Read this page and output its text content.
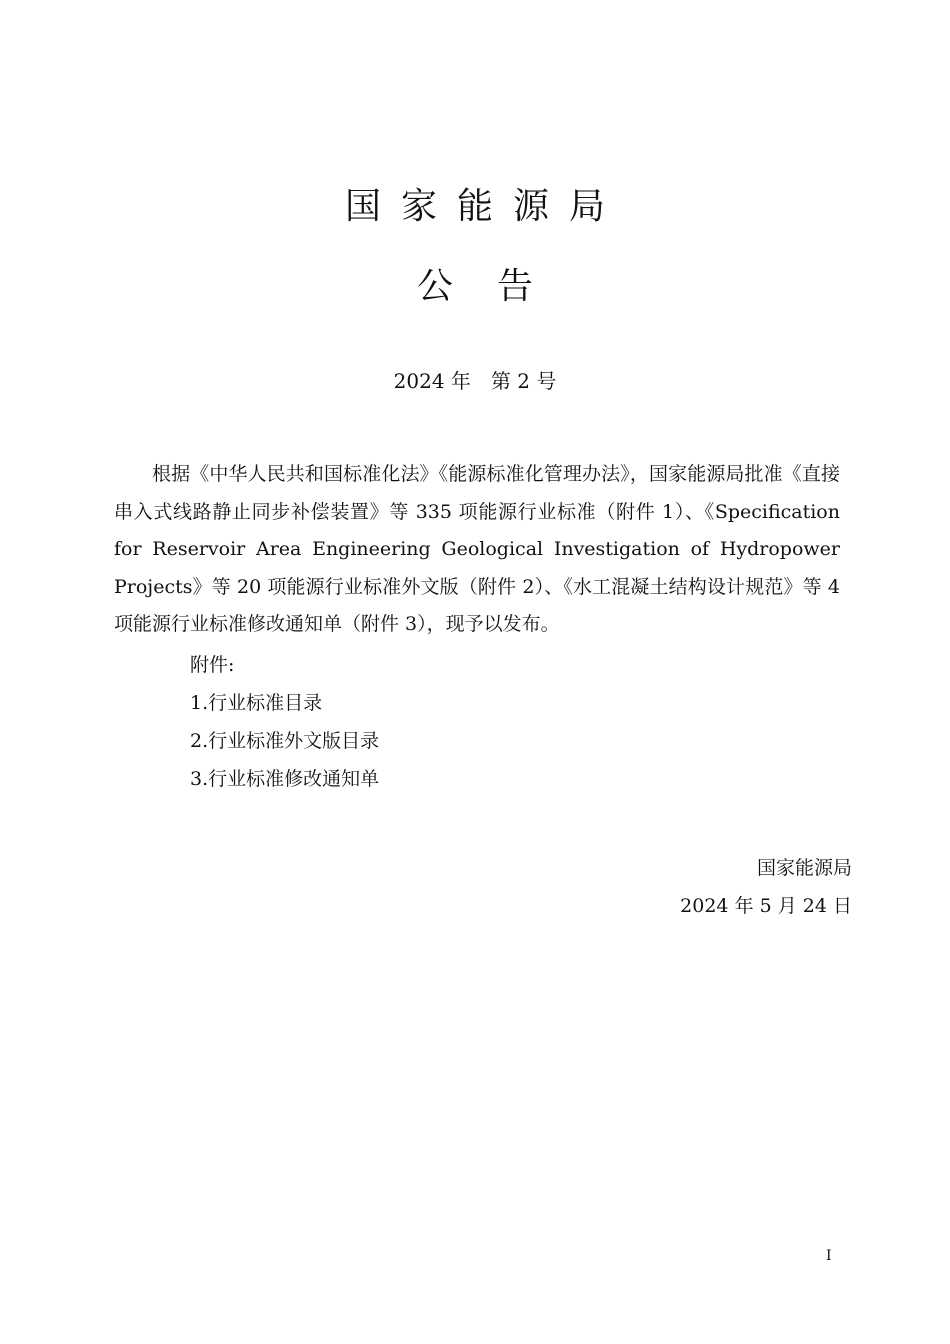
国家能源局
公告
2024 年　第 2 号

根据《中华人民共和国标准化法》《能源标准化管理办法》，国家能源局批准《直接串入式线路静止同步补偿装置》等 335 项能源行业标准（附件 1）、《Specification for Reservoir Area Engineering Geological Investigation of Hydropower Projects》等 20 项能源行业标准外文版（附件 2）、《水工混凝土结构设计规范》等 4 项能源行业标准修改通知单（附件 3），现予以发布。

附件:
1.行业标准目录
2.行业标准外文版目录
3.行业标准修改通知单
国家能源局
2024 年 5 月 24 日
I
